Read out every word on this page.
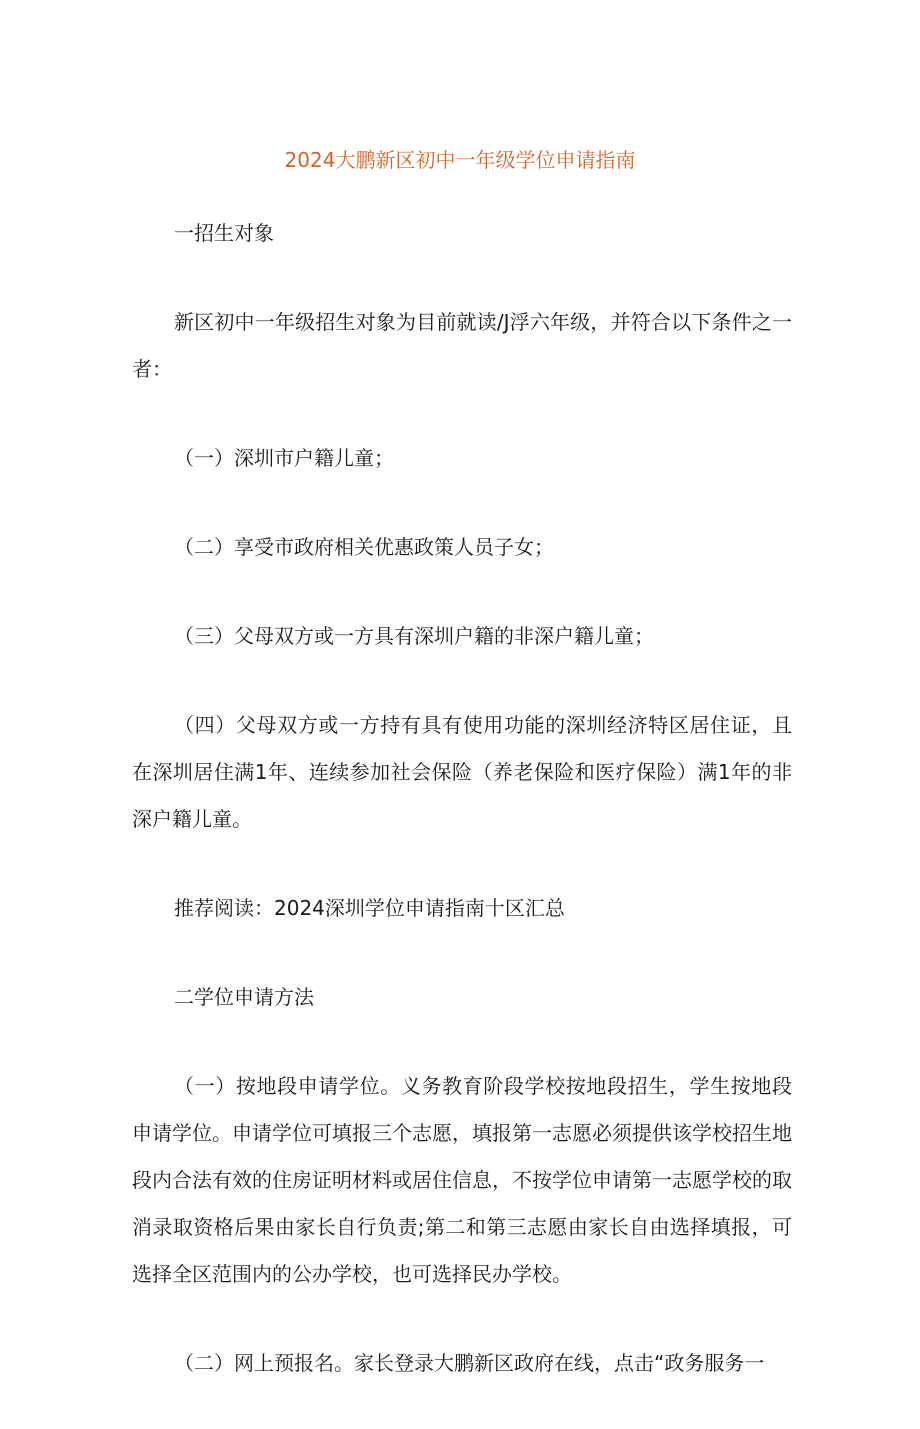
2024大鹏新区初中一年级学位申请指南

一招生对象

新区初中一年级招生对象为目前就读/J浮六年级，并符合以下条件之一者：

（一）深圳市户籍儿童；

（二）享受市政府相关优惠政策人员子女；

（三）父母双方或一方具有深圳户籍的非深户籍儿童；

（四）父母双方或一方持有具有使用功能的深圳经济特区居住证，且在深圳居住满1年、连续参加社会保险（养老保险和医疗保险）满1年的非深户籍儿童。

推荐阅读：2024深圳学位申请指南十区汇总

二学位申请方法

（一）按地段申请学位。义务教育阶段学校按地段招生，学生按地段申请学位。申请学位可填报三个志愿，填报第一志愿必须提供该学校招生地段内合法有效的住房证明材料或居住信息，不按学位申请第一志愿学校的取消录取资格后果由家长自行负责;第二和第三志愿由家长自由选择填报，可选择全区范围内的公办学校，也可选择民办学校。

（二）网上预报名。家长登录大鹏新区政府在线，点击“政务服务一
